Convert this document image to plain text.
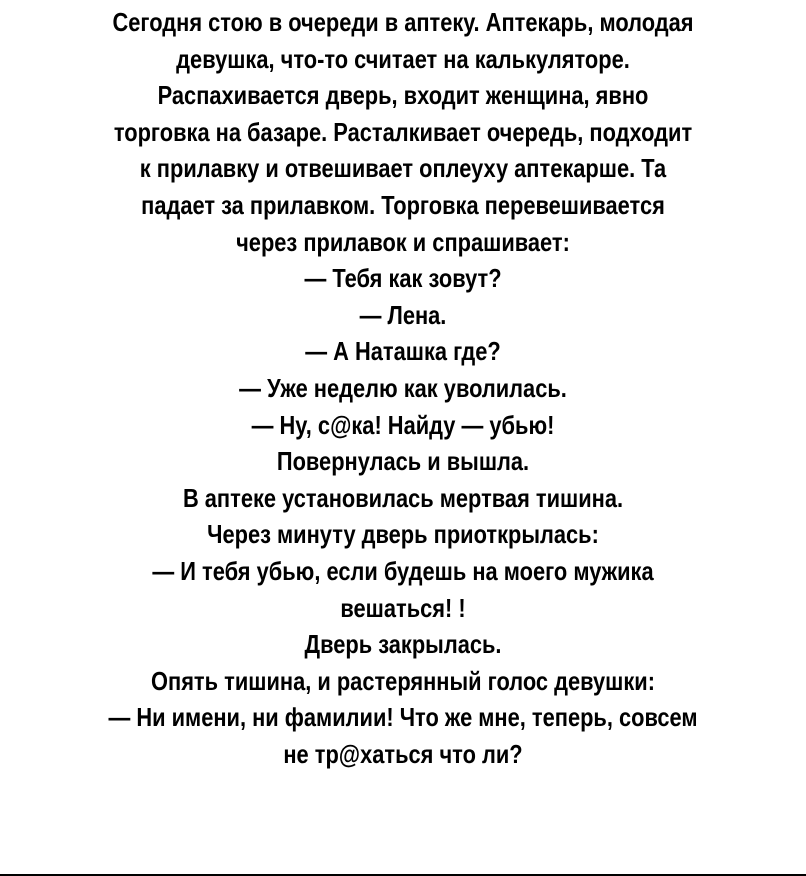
Сегодня стою в очереди в аптеку. Аптекарь, молодая
девушка, что-то считает на калькуляторе.
Распахивается дверь, входит женщина, явно
торговка на базаре. Расталкивает очередь, подходит
к прилавку и отвешивает оплеуху аптекарше. Та
падает за прилавком. Торговка перевешивается
через прилавок и спрашивает:
— Тебя как зовут?
— Лена.
— А Наташка где?
— Уже неделю как уволилась.
— Ну, с@ка! Найду — убью!
Повернулась и вышла.
В аптеке установилась мертвая тишина.
Через минуту дверь приоткрылась:
— И тебя убью, если будешь на моего мужика
вешаться! !
Дверь закрылась.
Опять тишина, и растерянный голос девушки:
— Ни имени, ни фамилии! Что же мне, теперь, совсем
не тр@хаться что ли?
